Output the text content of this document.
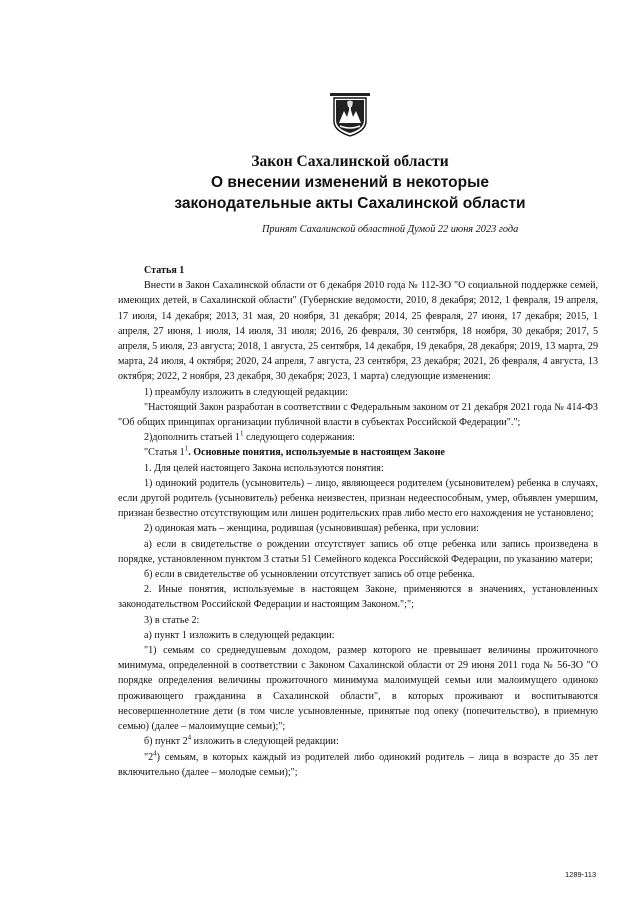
Закон Сахалинской области
О внесении изменений в некоторые
законодательные акты Сахалинской области
Принят Сахалинской областной Думой 22 июня 2023 года

Статья 1

Внести в Закон Сахалинской области от 6 декабря 2010 года № 112-ЗО "О социальной поддержке семей, имеющих детей, в Сахалинской области" (Губернские ведомости, 2010, 8 декабря; 2012, 1 февраля, 19 апреля, 17 июля, 14 декабря; 2013, 31 мая, 20 ноября, 31 декабря; 2014, 25 февраля, 27 июня, 17 декабря; 2015, 1 апреля, 27 июня, 1 июля, 14 июля, 31 июля; 2016, 26 февраля, 30 сентября, 18 ноября, 30 декабря; 2017, 5 апреля, 5 июля, 23 августа; 2018, 1 августа, 25 сентября, 14 декабря, 19 декабря, 28 декабря; 2019, 13 марта, 29 марта, 24 июля, 4 октября; 2020, 24 апреля, 7 августа, 23 сентября, 23 декабря; 2021, 26 февраля, 4 августа, 13 октября; 2022, 2 ноября, 23 декабря, 30 декабря; 2023, 1 марта) следующие изменения:

1) преамбулу изложить в следующей редакции:

"Настоящий Закон разработан в соответствии с Федеральным законом от 21 декабря 2021 года № 414-ФЗ "Об общих принципах организации публичной власти в субъектах Российской Федерации".";

2)дополнить статьей $1^1$ следующего содержания:

"Статья $1^1$. Основные понятия, используемые в настоящем Законе

1. Для целей настоящего Закона используются понятия:

1) одинокий родитель (усыновитель) – лицо, являющееся родителем (усыновителем) ребенка в случаях, если другой родитель (усыновитель) ребенка неизвестен, признан недееспособным, умер, объявлен умершим, признан безвестно отсутствующим или лишен родительских прав либо место его нахождения не установлено;

2) одинокая мать – женщина, родившая (усыновившая) ребенка, при условии:

а) если в свидетельстве о рождении отсутствует запись об отце ребенка или запись произведена в порядке, установленном пунктом 3 статьи 51 Семейного кодекса Российской Федерации, по указанию матери;

б) если в свидетельстве об усыновлении отсутствует запись об отце ребенка.

2. Иные понятия, используемые в настоящем Законе, применяются в значениях, установленных законодательством Российской Федерации и настоящим Законом.";";

3) в статье 2:

а) пункт 1 изложить в следующей редакции:

"1) семьям со среднедушевым доходом, размер которого не превышает величины прожиточного минимума, определенной в соответствии с Законом Сахалинской области от 29 июня 2011 года № 56-ЗО "О порядке определения величины прожиточного минимума малоимущей семьи или малоимущего одиноко проживающего гражданина в Сахалинской области", в которых проживают и воспитываются несовершеннолетние дети (в том числе усыновленные, принятые под опеку (попечительство), в приемную семью) (далее – малоимущие семьи);";

б) пункт $2^4$ изложить в следующей редакции:

"$2^4$) семьям, в которых каждый из родителей либо одинокий родитель – лица в возрасте до 35 лет включительно (далее – молодые семьи);";

1289-113
